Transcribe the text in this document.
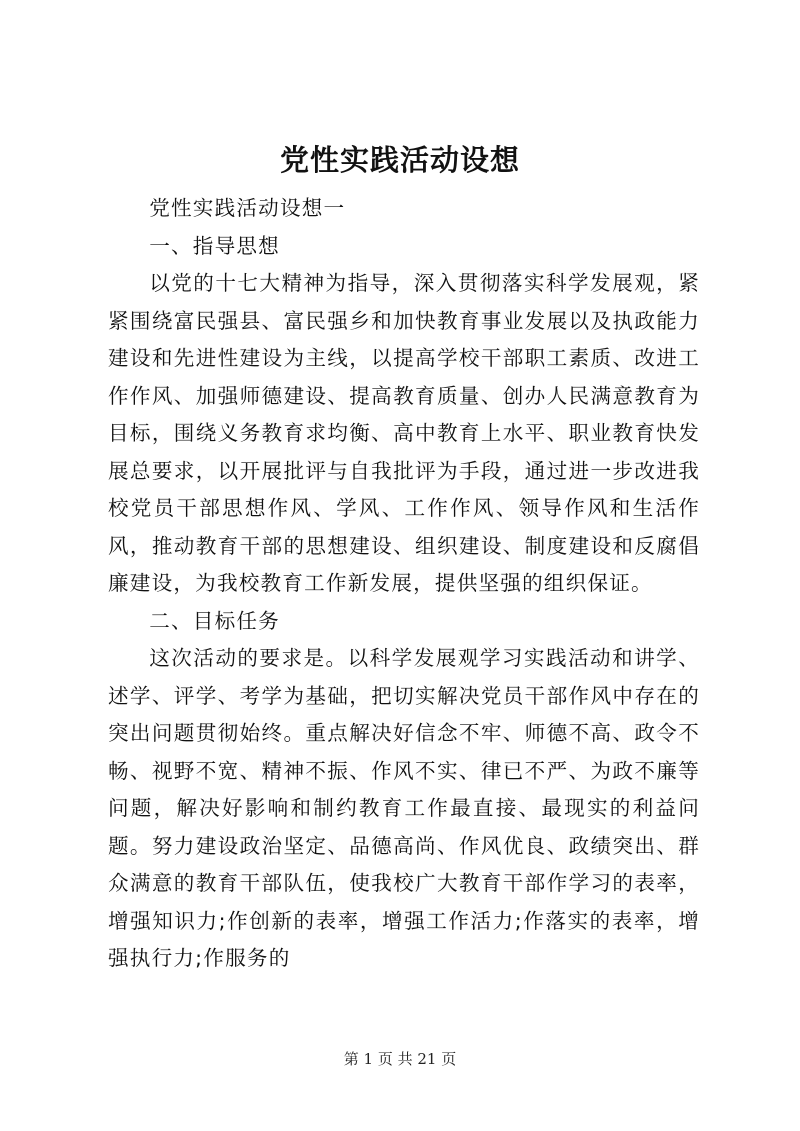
党性实践活动设想

党性实践活动设想一

一、指导思想

以党的十七大精神为指导，深入贯彻落实科学发展观，紧紧围绕富民强县、富民强乡和加快教育事业发展以及执政能力建设和先进性建设为主线，以提高学校干部职工素质、改进工作作风、加强师德建设、提高教育质量、创办人民满意教育为目标，围绕义务教育求均衡、高中教育上水平、职业教育快发展总要求，以开展批评与自我批评为手段，通过进一步改进我校党员干部思想作风、学风、工作作风、领导作风和生活作风，推动教育干部的思想建设、组织建设、制度建设和反腐倡廉建设，为我校教育工作新发展，提供坚强的组织保证。

二、目标任务

这次活动的要求是。以科学发展观学习实践活动和讲学、述学、评学、考学为基础，把切实解决党员干部作风中存在的突出问题贯彻始终。重点解决好信念不牢、师德不高、政令不畅、视野不宽、精神不振、作风不实、律已不严、为政不廉等问题，解决好影响和制约教育工作最直接、最现实的利益问题。努力建设政治坚定、品德高尚、作风优良、政绩突出、群众满意的教育干部队伍，使我校广大教育干部作学习的表率，增强知识力;作创新的表率，增强工作活力;作落实的表率，增强执行力;作服务的

第 1 页 共 21 页
